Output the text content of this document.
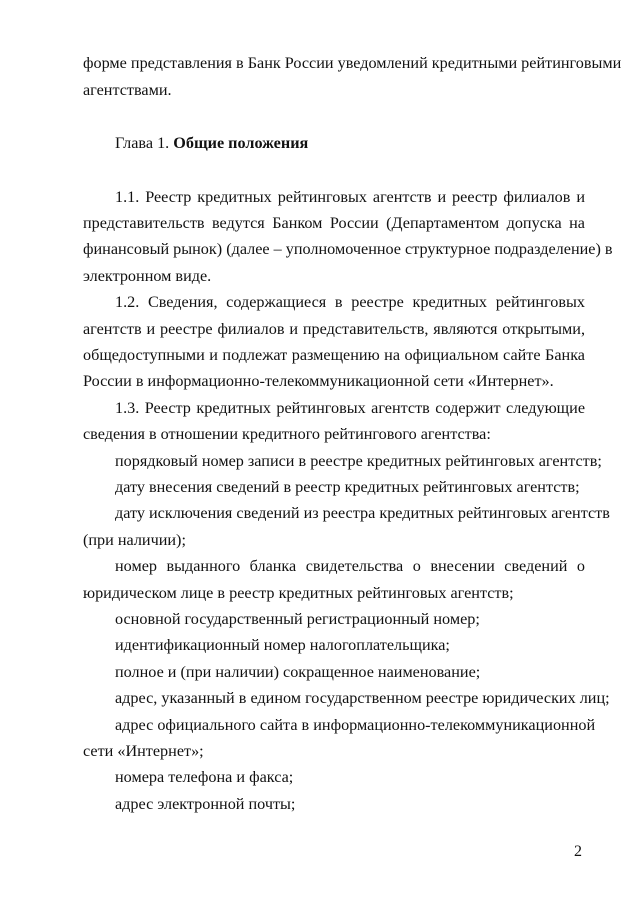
форме представления в Банк России уведомлений кредитными рейтинговыми
агентствами.
Глава 1. Общие положения
1.1. Реестр кредитных рейтинговых агентств и реестр филиалов и
представительств ведутся Банком России (Департаментом допуска на
финансовый рынок) (далее – уполномоченное структурное подразделение) в
электронном виде.
1.2. Сведения, содержащиеся в реестре кредитных рейтинговых
агентств и реестре филиалов и представительств, являются открытыми,
общедоступными и подлежат размещению на официальном сайте Банка
России в информационно-телекоммуникационной сети «Интернет».
1.3. Реестр кредитных рейтинговых агентств содержит следующие
сведения в отношении кредитного рейтингового агентства:
порядковый номер записи в реестре кредитных рейтинговых агентств;
дату внесения сведений в реестр кредитных рейтинговых агентств;
дату исключения сведений из реестра кредитных рейтинговых агентств
(при наличии);
номер выданного бланка свидетельства о внесении сведений о
юридическом лице в реестр кредитных рейтинговых агентств;
основной государственный регистрационный номер;
идентификационный номер налогоплательщика;
полное и (при наличии) сокращенное наименование;
адрес, указанный в едином государственном реестре юридических лиц;
адрес официального сайта в информационно-телекоммуникационной
сети «Интернет»;
номера телефона и факса;
адрес электронной почты;
2
